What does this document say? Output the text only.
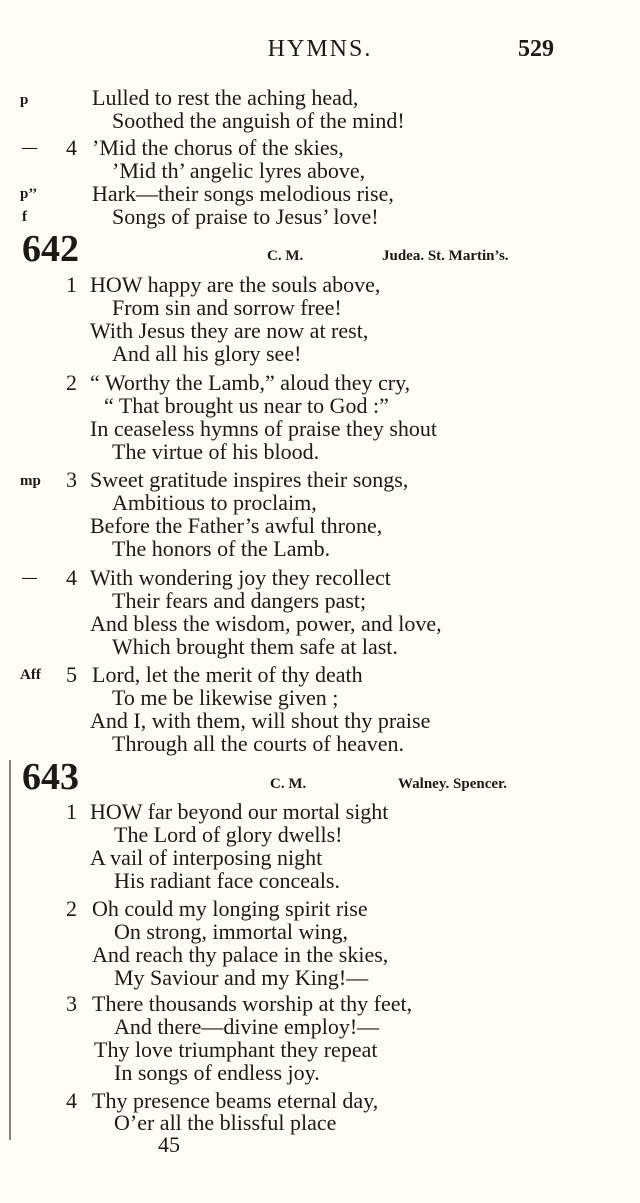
HYMNS.	529
p	Lulled to rest the aching head,
Soothed the anguish of the mind!
— 4 ’Mid the chorus of the skies,
’Mid th’ angelic lyres above,
p’’ Hark—their songs melodious rise,
f	Songs of praise to Jesus’ love!
642	C. M.	Judea. St. Martin’s.
1 HOW happy are the souls above,
From sin and sorrow free!
With Jesus they are now at rest,
And all his glory see!
2 “ Worthy the Lamb,” aloud they cry,
“ That brought us near to God :”
In ceaseless hymns of praise they shout
The virtue of his blood.
mp 3 Sweet gratitude inspires their songs,
Ambitious to proclaim,
Before the Father’s awful throne,
The honors of the Lamb.
— 4 With wondering joy they recollect
Their fears and dangers past;
And bless the wisdom, power, and love,
Which brought them safe at last.
Aff 5 Lord, let the merit of thy death
To me be likewise given ;
And I, with them, will shout thy praise
Through all the courts of heaven.
643	C. M.	Walney. Spencer.
1 HOW far beyond our mortal sight
The Lord of glory dwells!
A vail of interposing night
His radiant face conceals.
2 Oh could my longing spirit rise
On strong, immortal wing,
And reach thy palace in the skies,
My Saviour and my King!—
3 There thousands worship at thy feet,
And there—divine employ!—
Thy love triumphant they repeat
In songs of endless joy.
4 Thy presence beams eternal day,
O’er all the blissful place
45
